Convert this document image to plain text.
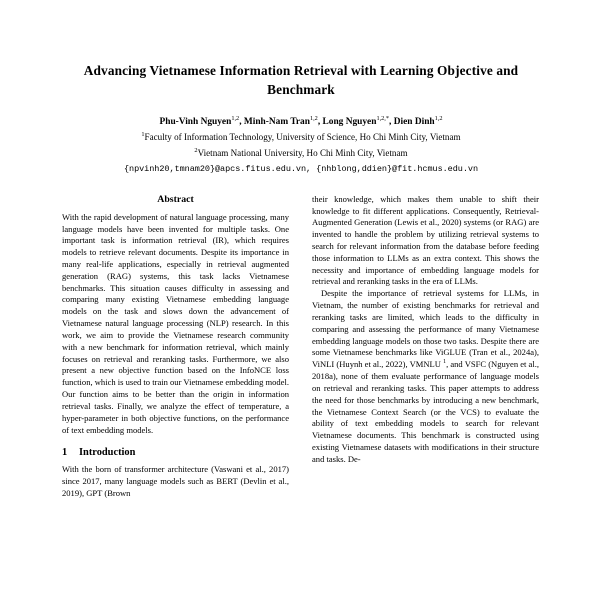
Advancing Vietnamese Information Retrieval with Learning Objective and Benchmark
Phu-Vinh Nguyen$^{1,2}$, Minh-Nam Tran$^{1,2}$, Long Nguyen$^{1,2,*}$, Dien Dinh$^{1,2}$
$^1$Faculty of Information Technology, University of Science, Ho Chi Minh City, Vietnam
$^2$Vietnam National University, Ho Chi Minh City, Vietnam
{npvinh20,tmnam20}@apcs.fitus.edu.vn, {nhblong,ddien}@fit.hcmus.edu.vn
Abstract

With the rapid development of natural language processing, many language models have been invented for multiple tasks. One important task is information retrieval (IR), which requires models to retrieve relevant documents. Despite its importance in many real-life applications, especially in retrieval augmented generation (RAG) systems, this task lacks Vietnamese benchmarks. This situation causes difficulty in assessing and comparing many existing Vietnamese embedding language models on the task and slows down the advancement of Vietnamese natural language processing (NLP) research. In this work, we aim to provide the Vietnamese research community with a new benchmark for information retrieval, which mainly focuses on retrieval and reranking tasks. Furthermore, we also present a new objective function based on the InfoNCE loss function, which is used to train our Vietnamese embedding model. Our function aims to be better than the origin in information retrieval tasks. Finally, we analyze the effect of temperature, a hyper-parameter in both objective functions, on the performance of text embedding models.

1 Introduction

With the born of transformer architecture (Vaswani et al., 2017) since 2017, many language models such as BERT (Devlin et al., 2019), GPT (Brown

their knowledge, which makes them unable to shift their knowledge to fit different applications. Consequently, Retrieval-Augmented Generation (Lewis et al., 2020) systems (or RAG) are invented to handle the problem by utilizing retrieval systems to search for relevant information from the database before feeding those information to LLMs as an extra context. This shows the necessity and importance of embedding language models for retrieval and reranking tasks in the era of LLMs.

Despite the importance of retrieval systems for LLMs, in Vietnam, the number of existing benchmarks for retrieval and reranking tasks are limited, which leads to the difficulty in comparing and assessing the performance of many Vietnamese embedding language models on those two tasks. Despite there are some Vietnamese benchmarks like ViGLUE (Tran et al., 2024a), ViNLI (Huynh et al., 2022), VMNLU $^1$, and VSFC (Nguyen et al., 2018a), none of them evaluate performance of language models on retrieval and reranking tasks. This paper attempts to address the need for those benchmarks by introducing a new benchmark, the Vietnamese Context Search (or the VCS) to evaluate the ability of text embedding models to search for relevant Vietnamese documents. This benchmark is constructed using existing Vietnamese datasets with modifications in their structure and tasks. De-
